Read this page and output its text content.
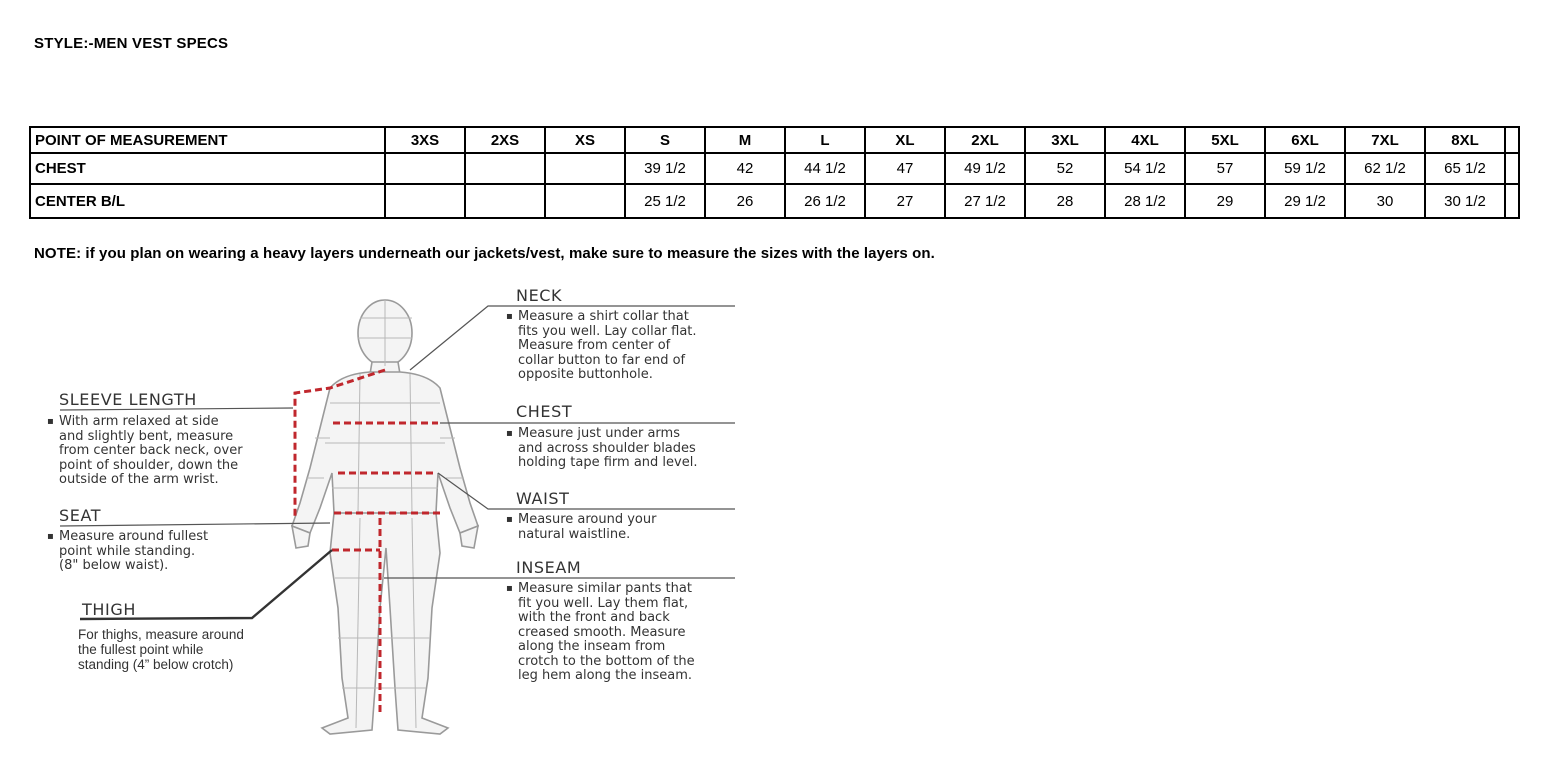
STYLE:-MEN VEST SPECS
POINT OF MEASUREMENT	3XS	2XS	XS	S	M	L	XL	2XL	3XL	4XL	5XL	6XL	7XL	8XL	
CHEST				39 1/2	42	44 1/2	47	49 1/2	52	54 1/2	57	59 1/2	62 1/2	65 1/2	
CENTER B/L				25 1/2	26	26 1/2	27	27 1/2	28	28 1/2	29	29 1/2	30	30 1/2	
NOTE: if you plan on wearing a heavy layers underneath our jackets/vest, make sure to measure the sizes with the layers on.
NECK
▪ Measure a shirt collar that
fits you well. Lay collar flat.
Measure from center of
collar button to far end of
opposite buttonhole.
CHEST
▪ Measure just under arms
and across shoulder blades
holding tape firm and level.
WAIST
▪ Measure around your
natural waistline.
INSEAM
▪ Measure similar pants that
fit you well. Lay them flat,
with the front and back
creased smooth. Measure
along the inseam from
crotch to the bottom of the
leg hem along the inseam.
SLEEVE LENGTH
▪ With arm relaxed at side
and slightly bent, measure
from center back neck, over
point of shoulder, down the
outside of the arm wrist.
SEAT
▪ Measure around fullest
point while standing.
(8" below waist).
THIGH
For thighs, measure around
the fullest point while
standing (4” below crotch)
